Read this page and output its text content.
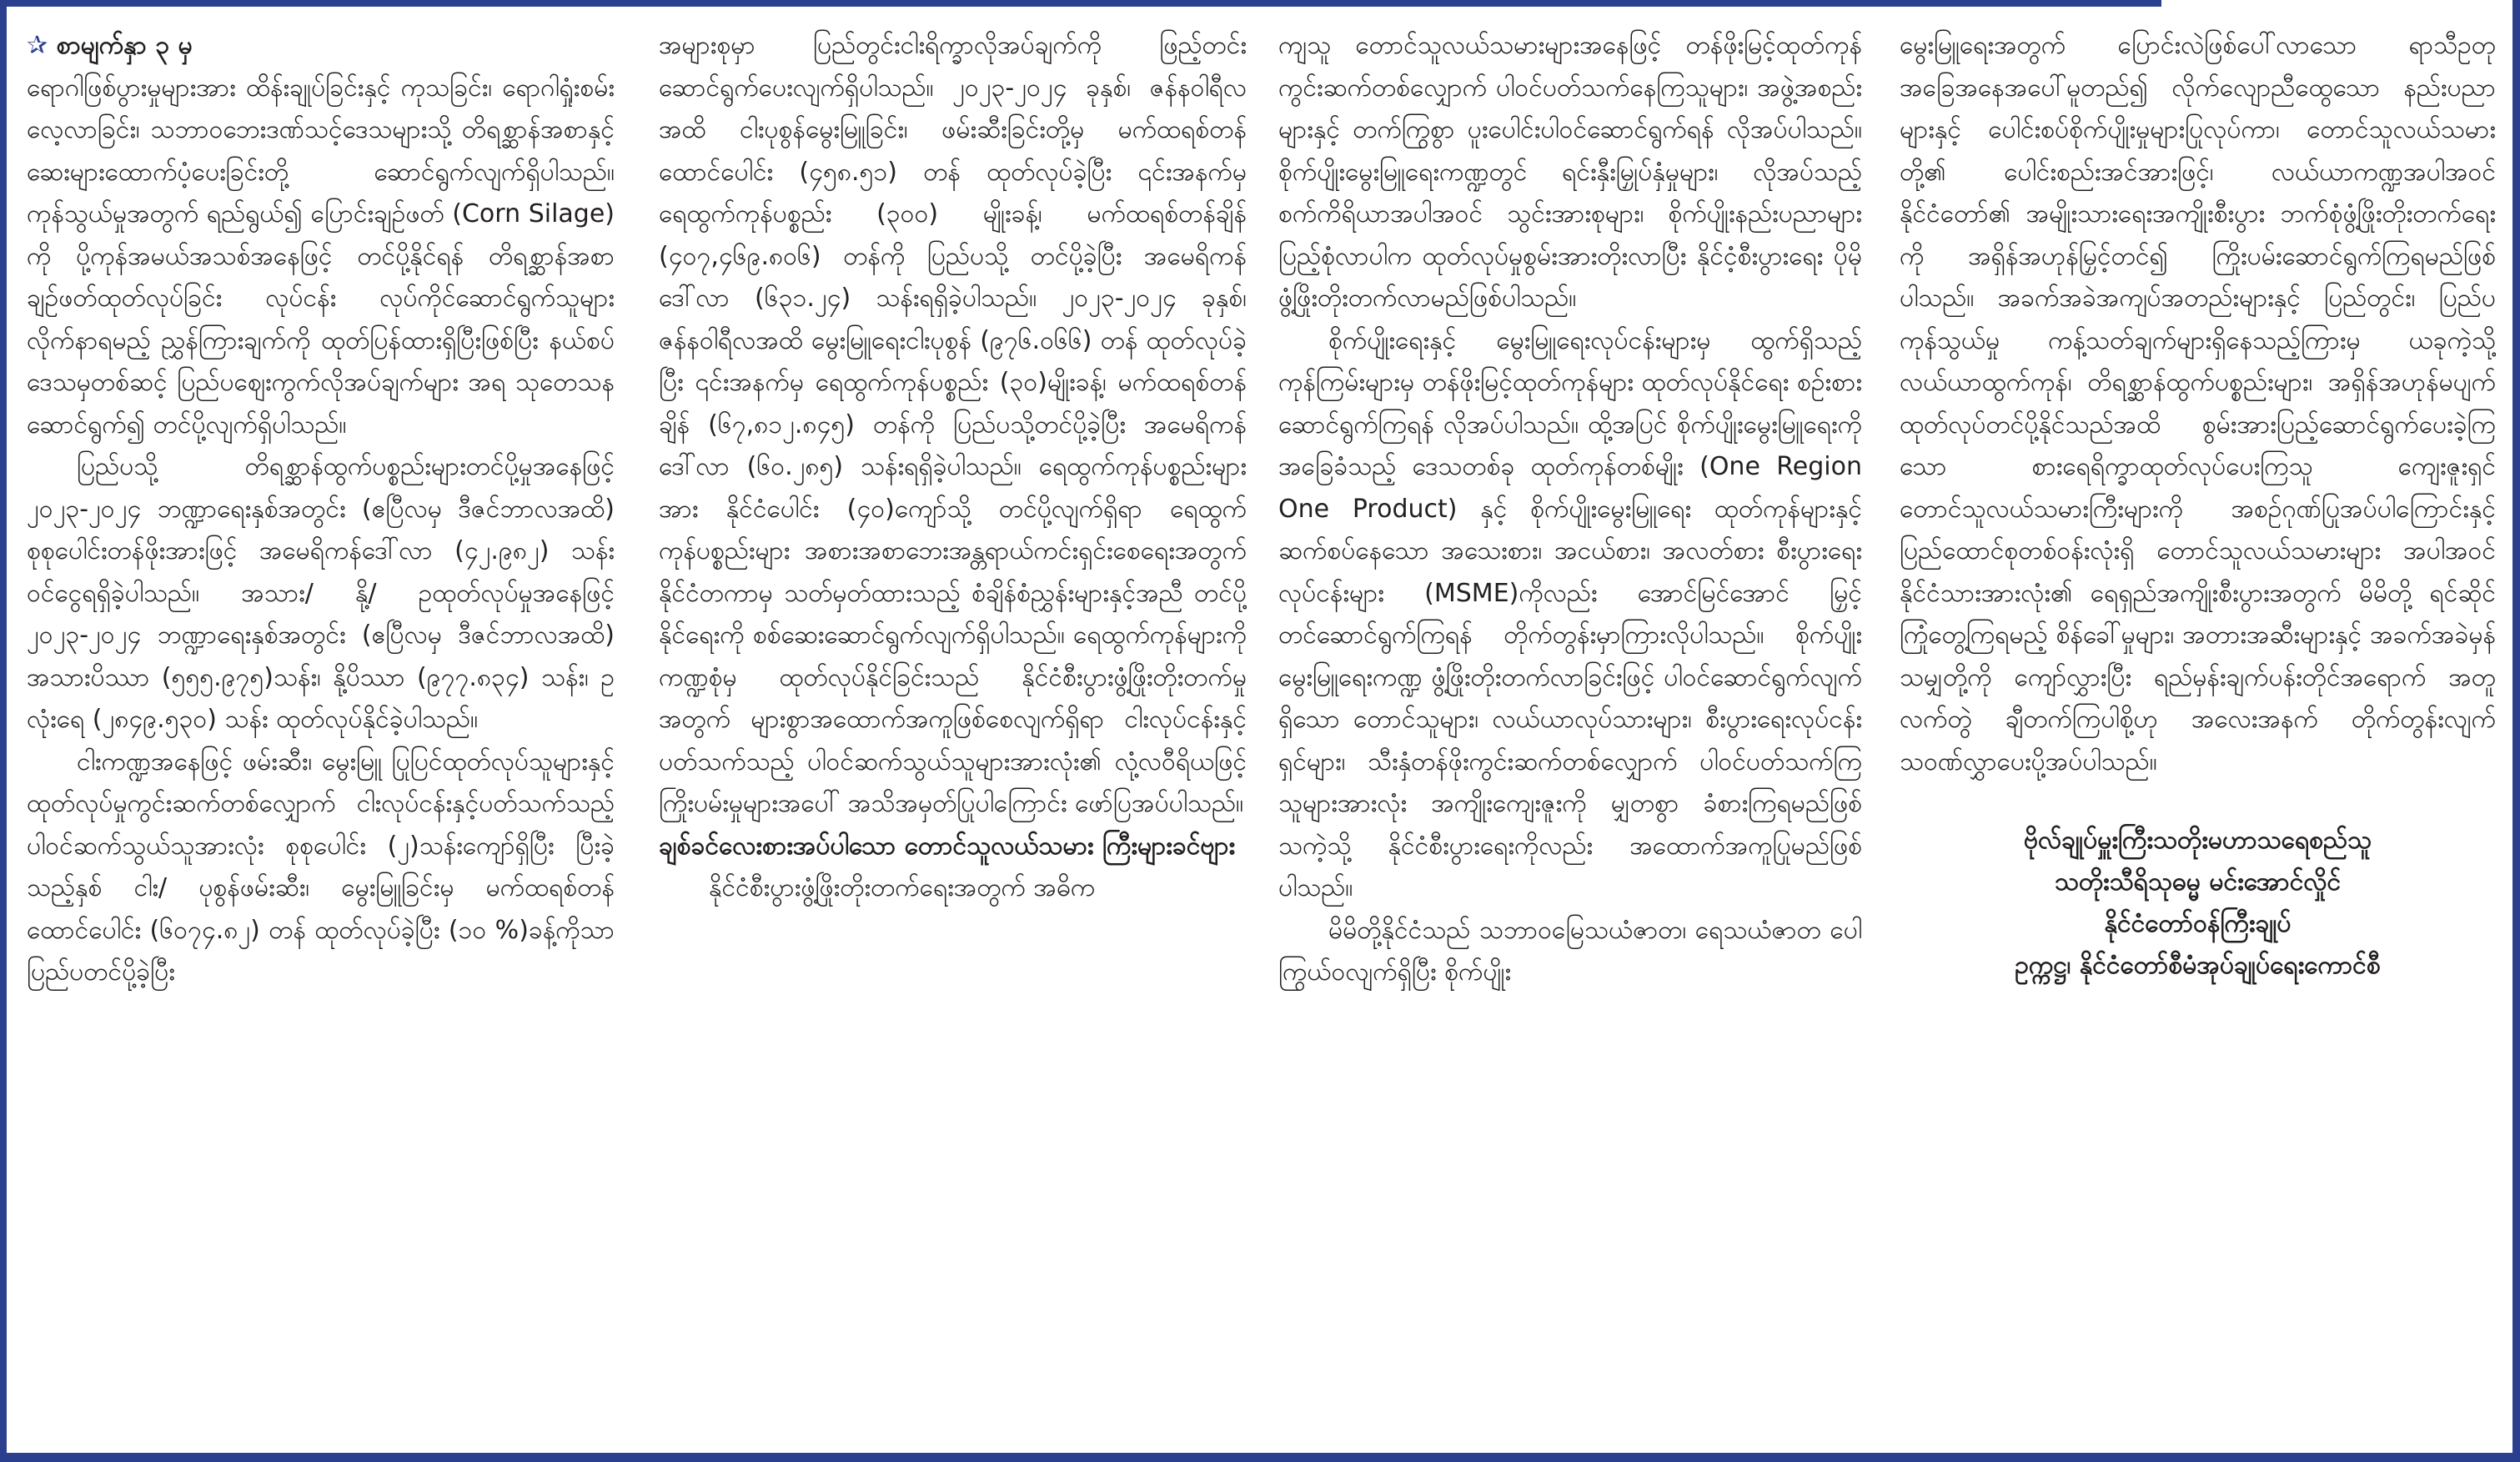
✰ စာမျက်နှာ ၃ မှ

ရောဂါဖြစ်ပွားမှုများအား ထိန်းချုပ်ခြင်းနှင့် ကုသခြင်း၊ ရောဂါရှုံးစမ်းလေ့လာခြင်း၊ သဘာဝဘေးဒဏ်သင့်ဒေသများသို့ တိရစ္ဆာန်အစာနှင့် ဆေးများထောက်ပံ့ပေးခြင်းတို့ ဆောင်ရွက်လျက်ရှိပါသည်။ ကုန်သွယ်မှုအတွက် ရည်ရွယ်၍ ပြောင်းချဉ်ဖတ် (Corn Silage) ကို ပို့ကုန်အမယ်အသစ်အနေဖြင့် တင်ပို့နိုင်ရန် တိရစ္ဆာန်အစာချဉ်ဖတ်ထုတ်လုပ်ခြင်း လုပ်ငန်း လုပ်ကိုင်ဆောင်ရွက်သူများ လိုက်နာရမည့် ညွှန်ကြားချက်ကို ထုတ်ပြန်ထားရှိပြီးဖြစ်ပြီး နယ်စပ်ဒေသမှတစ်ဆင့် ပြည်ပဈေးကွက်လိုအပ်ချက်များ အရ သုတေသနဆောင်ရွက်၍ တင်ပို့လျက်ရှိပါသည်။

ပြည်ပသို့ တိရစ္ဆာန်ထွက်ပစ္စည်းများတင်ပို့မှုအနေဖြင့် ၂၀၂၃-၂၀၂၄ ဘဏ္ဍာရေးနှစ်အတွင်း (ဧပြီလမှ ဒီဇင်ဘာလအထိ) စုစုပေါင်းတန်ဖိုးအားဖြင့် အမေရိကန်ဒေါ်လာ (၄၂.၉၈၂) သန်း ဝင်ငွေရရှိခဲ့ပါသည်။ အသား/ နို့/ ဥထုတ်လုပ်မှုအနေဖြင့် ၂၀၂၃-၂၀၂၄ ဘဏ္ဍာရေးနှစ်အတွင်း (ဧပြီလမှ ဒီဇင်ဘာလအထိ) အသားပိဿာ (၅၅၅.၉၇၅)သန်း၊ နို့ပိဿာ (၉၇၇.၈၃၄) သန်း၊ ဥလုံးရေ (၂၈၄၉.၅၃၀) သန်း ထုတ်လုပ်နိုင်ခဲ့ပါသည်။

ငါးကဏ္ဍအနေဖြင့် ဖမ်းဆီး၊ မွေးမြူ ပြုပြင်ထုတ်လုပ်သူများနှင့် ထုတ်လုပ်မှုကွင်းဆက်တစ်လျှောက် ငါးလုပ်ငန်းနှင့်ပတ်သက်သည့် ပါဝင်ဆက်သွယ်သူအားလုံး စုစုပေါင်း (၂)သန်းကျော်ရှိပြီး ပြီးခဲ့သည့်နှစ် ငါး/ ပုစွန်ဖမ်းဆီး၊ မွေးမြူခြင်းမှ မက်ထရစ်တန် ထောင်ပေါင်း (၆၀၇၄.၈၂) တန် ထုတ်လုပ်ခဲ့ပြီး (၁၀ %)ခန့်ကိုသာ ပြည်ပတင်ပို့ခဲ့ပြီး

အများစုမှာ ပြည်တွင်းငါးရိက္ခာလိုအပ်ချက်ကို ဖြည့်တင်းဆောင်ရွက်ပေးလျက်ရှိပါသည်။ ၂၀၂၃-၂၀၂၄ ခုနှစ်၊ ဇန်နဝါရီလအထိ ငါးပုစွန်မွေးမြူခြင်း၊ ဖမ်းဆီးခြင်းတို့မှ မက်ထရစ်တန်ထောင်ပေါင်း (၄၅၈.၅၁) တန် ထုတ်လုပ်ခဲ့ပြီး ၎င်းအနက်မှ ရေထွက်ကုန်ပစ္စည်း (၃၀၀) မျိုးခန့်၊ မက်ထရစ်တန်ချိန် (၄၀၇,၄၆၉.၈၀၆) တန်ကို ပြည်ပသို့ တင်ပို့ခဲ့ပြီး အမေရိကန်ဒေါ်လာ (၆၃၁.၂၄) သန်းရရှိခဲ့ပါသည်။ ၂၀၂၃-၂၀၂၄ ခုနှစ်၊ ဇန်နဝါရီလအထိ မွေးမြူရေးငါးပုစွန် (၉၇၆.၀၆၆) တန် ထုတ်လုပ်ခဲ့ပြီး ၎င်းအနက်မှ ရေထွက်ကုန်ပစ္စည်း (၃၀)မျိုးခန့်၊ မက်ထရစ်တန်ချိန် (၆၇,၈၁၂.၈၄၅) တန်ကို ပြည်ပသို့တင်ပို့ခဲ့ပြီး အမေရိကန်ဒေါ်လာ (၆၀.၂၈၅) သန်းရရှိခဲ့ပါသည်။ ရေထွက်ကုန်ပစ္စည်းများအား နိုင်ငံပေါင်း (၄၀)ကျော်သို့ တင်ပို့လျက်ရှိရာ ရေထွက်ကုန်ပစ္စည်းများ အစားအစာဘေးအန္တရာယ်ကင်းရှင်းစေရေးအတွက် နိုင်ငံတကာမှ သတ်မှတ်ထားသည့် စံချိန်စံညွှန်းများနှင့်အညီ တင်ပို့နိုင်ရေးကို စစ်ဆေးဆောင်ရွက်လျက်ရှိပါသည်။ ရေထွက်ကုန်များကို ကဏ္ဍစုံမှ ထုတ်လုပ်နိုင်ခြင်းသည် နိုင်ငံစီးပွားဖွံ့ဖြိုးတိုးတက်မှုအတွက် များစွာအထောက်အကူဖြစ်စေလျက်ရှိရာ ငါးလုပ်ငန်းနှင့်ပတ်သက်သည့် ပါဝင်ဆက်သွယ်သူများအားလုံး၏ လုံ့လဝီရိယဖြင့် ကြိုးပမ်းမှုများအပေါ် အသိအမှတ်ပြုပါကြောင်း ဖော်ပြအပ်ပါသည်။

ချစ်ခင်လေးစားအပ်ပါသော တောင်သူလယ်သမား ကြီးများခင်ဗျား

နိုင်ငံစီးပွားဖွံ့ဖြိုးတိုးတက်ရေးအတွက် အဓိက

ကျသူ တောင်သူလယ်သမားများအနေဖြင့် တန်ဖိုးမြင့်ထုတ်ကုန် ကွင်းဆက်တစ်လျှောက် ပါဝင်ပတ်သက်နေကြသူများ၊ အဖွဲ့အစည်းများနှင့် တက်ကြွစွာ ပူးပေါင်းပါဝင်ဆောင်ရွက်ရန် လိုအပ်ပါသည်။ စိုက်ပျိုးမွေးမြူရေးကဏ္ဍတွင် ရင်းနှီးမြှုပ်နှံမှုများ၊ လိုအပ်သည့် စက်ကိရိယာအပါအဝင် သွင်းအားစုများ၊ စိုက်ပျိုးနည်းပညာများ ပြည့်စုံလာပါက ထုတ်လုပ်မှုစွမ်းအားတိုးလာပြီး နိုင်ငံ့စီးပွားရေး ပိုမိုဖွံ့ဖြိုးတိုးတက်လာမည်ဖြစ်ပါသည်။

စိုက်ပျိုးရေးနှင့် မွေးမြူရေးလုပ်ငန်းများမှ ထွက်ရှိသည့် ကုန်ကြမ်းများမှ တန်ဖိုးမြင့်ထုတ်ကုန်များ ထုတ်လုပ်နိုင်ရေး စဉ်းစားဆောင်ရွက်ကြရန် လိုအပ်ပါသည်။ ထို့အပြင် စိုက်ပျိုးမွေးမြူရေးကို အခြေခံသည့် ဒေသတစ်ခု ထုတ်ကုန်တစ်မျိုး (One Region One Product) နှင့် စိုက်ပျိုးမွေးမြူရေး ထုတ်ကုန်များနှင့် ဆက်စပ်နေသော အသေးစား၊ အငယ်စား၊ အလတ်စား စီးပွားရေးလုပ်ငန်းများ (MSME)ကိုလည်း အောင်မြင်အောင် မြှင့်တင်ဆောင်ရွက်ကြရန် တိုက်တွန်းမှာကြားလိုပါသည်။ စိုက်ပျိုးမွေးမြူရေးကဏ္ဍ ဖွံ့ဖြိုးတိုးတက်လာခြင်းဖြင့် ပါဝင်ဆောင်ရွက်လျက်ရှိသော တောင်သူများ၊ လယ်ယာလုပ်သားများ၊ စီးပွားရေးလုပ်ငန်းရှင်များ၊ သီးနှံတန်ဖိုးကွင်းဆက်တစ်လျှောက် ပါဝင်ပတ်သက်ကြသူများအားလုံး အကျိုးကျေးဇူးကို မျှတစွာ ခံစားကြရမည်ဖြစ်သကဲ့သို့ နိုင်ငံစီးပွားရေးကိုလည်း အထောက်အကူပြုမည်ဖြစ်ပါသည်။

မိမိတို့နိုင်ငံသည် သဘာဝမြေသယံဇာတ၊ ရေသယံဇာတ ပေါကြွယ်ဝလျက်ရှိပြီး စိုက်ပျိုး

မွေးမြူရေးအတွက် ပြောင်းလဲဖြစ်ပေါ်လာသော ရာသီဥတု အခြေအနေအပေါ်မူတည်၍ လိုက်လျောညီထွေသော နည်းပညာများနှင့် ပေါင်းစပ်စိုက်ပျိုးမှုများပြုလုပ်ကာ၊ တောင်သူလယ်သမားတို့၏ ပေါင်းစည်းအင်အားဖြင့်၊ လယ်ယာကဏ္ဍအပါအဝင် နိုင်ငံတော်၏ အမျိုးသားရေးအကျိုးစီးပွား ဘက်စုံဖွံ့ဖြိုးတိုးတက်ရေးကို အရှိန်အဟုန်မြှင့်တင်၍ ကြိုးပမ်းဆောင်ရွက်ကြရမည်ဖြစ်ပါသည်။ အခက်အခဲအကျပ်အတည်းများနှင့် ပြည်တွင်း၊ ပြည်ပ ကုန်သွယ်မှု ကန့်သတ်ချက်များရှိနေသည့်ကြားမှ ယခုကဲ့သို့ လယ်ယာထွက်ကုန်၊ တိရစ္ဆာန်ထွက်ပစ္စည်းများ၊ အရှိန်အဟုန်မပျက် ထုတ်လုပ်တင်ပို့နိုင်သည်အထိ စွမ်းအားပြည့်ဆောင်ရွက်ပေးခဲ့ကြသော စားရေရိက္ခာထုတ်လုပ်ပေးကြသူ ကျေးဇူးရှင် တောင်သူလယ်သမားကြီးများကို အစဉ်ဂုဏ်ပြုအပ်ပါကြောင်းနှင့် ပြည်ထောင်စုတစ်ဝန်းလုံးရှိ တောင်သူလယ်သမားများ အပါအဝင် နိုင်ငံသားအားလုံး၏ ရေရှည်အကျိုးစီးပွားအတွက် မိမိတို့ ရင်ဆိုင်ကြုံတွေ့ကြရမည့် စိန်ခေါ်မှုများ၊ အတားအဆီးများနှင့် အခက်အခဲမှန်သမျှတို့ကို ကျော်လွှားပြီး ရည်မှန်းချက်ပန်းတိုင်အရောက် အတူလက်တွဲ ချီတက်ကြပါစို့ဟု အလေးအနက် တိုက်တွန်းလျက် သဝဏ်လွှာပေးပို့အပ်ပါသည်။

ဗိုလ်ချုပ်မှူးကြီးသတိုးမဟာသရေစည်သူ
သတိုးသီရိသုဓမ္မ မင်းအောင်လှိုင်
နိုင်ငံတော်ဝန်ကြီးချုပ်
ဥက္ကဋ္ဌ၊ နိုင်ငံတော်စီမံအုပ်ချုပ်ရေးကောင်စီ
